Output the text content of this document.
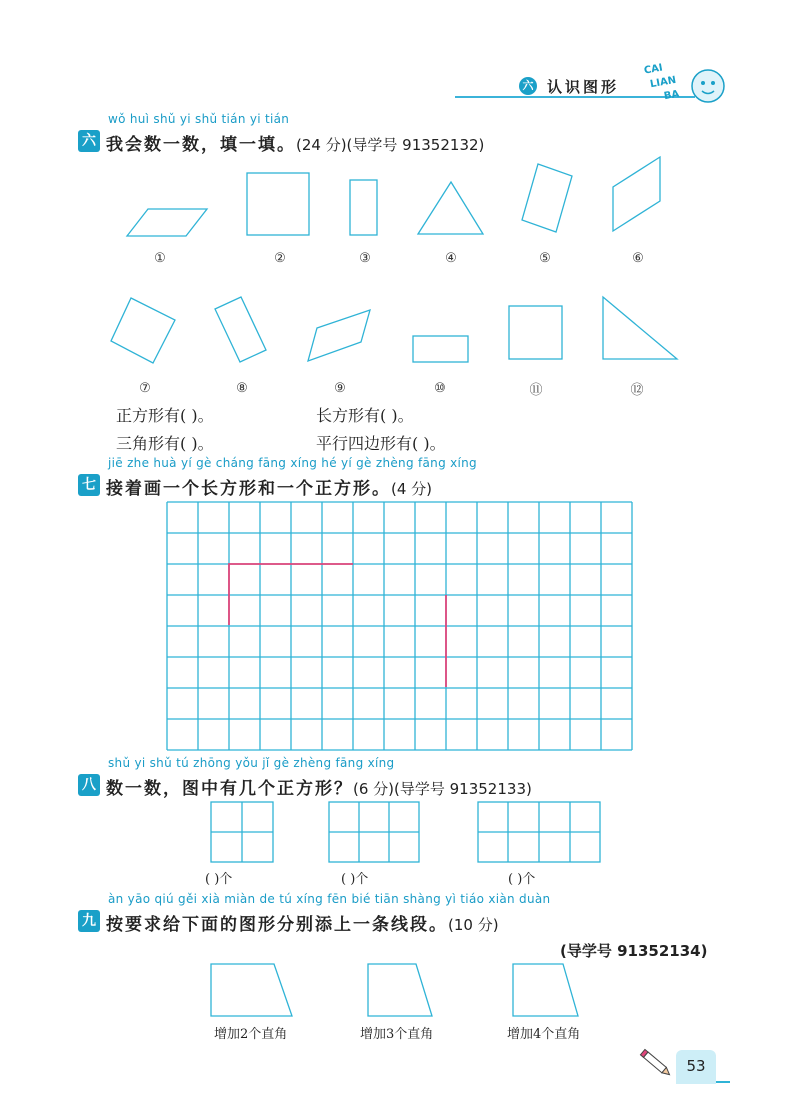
六 认识图形
CAI
LIAN
BA
wǒ huì shǔ yi shǔ tián yi tián
六 我会数一数，填一填。(24 分)(导学号 91352132)
①	②	③	④	⑤	⑥
⑦	⑧	⑨	⑩	⑪	⑫
正方形有( )。	长方形有( )。
三角形有( )。	平行四边形有( )。
jiē zhe huà yí gè cháng fāng xíng hé yí gè zhèng fāng xíng
七 接着画一个长方形和一个正方形。(4 分)
shǔ yi shǔ tú zhōng yǒu jǐ gè zhèng fāng xíng
八 数一数，图中有几个正方形？(6 分)(导学号 91352133)
( )个	( )个	( )个
àn yāo qiú gěi xià miàn de tú xíng fēn bié tiān shàng yì tiáo xiàn duàn
九 按要求给下面的图形分别添上一条线段。(10 分)
(导学号 91352134)
增加2个直角	增加3个直角	增加4个直角
53
